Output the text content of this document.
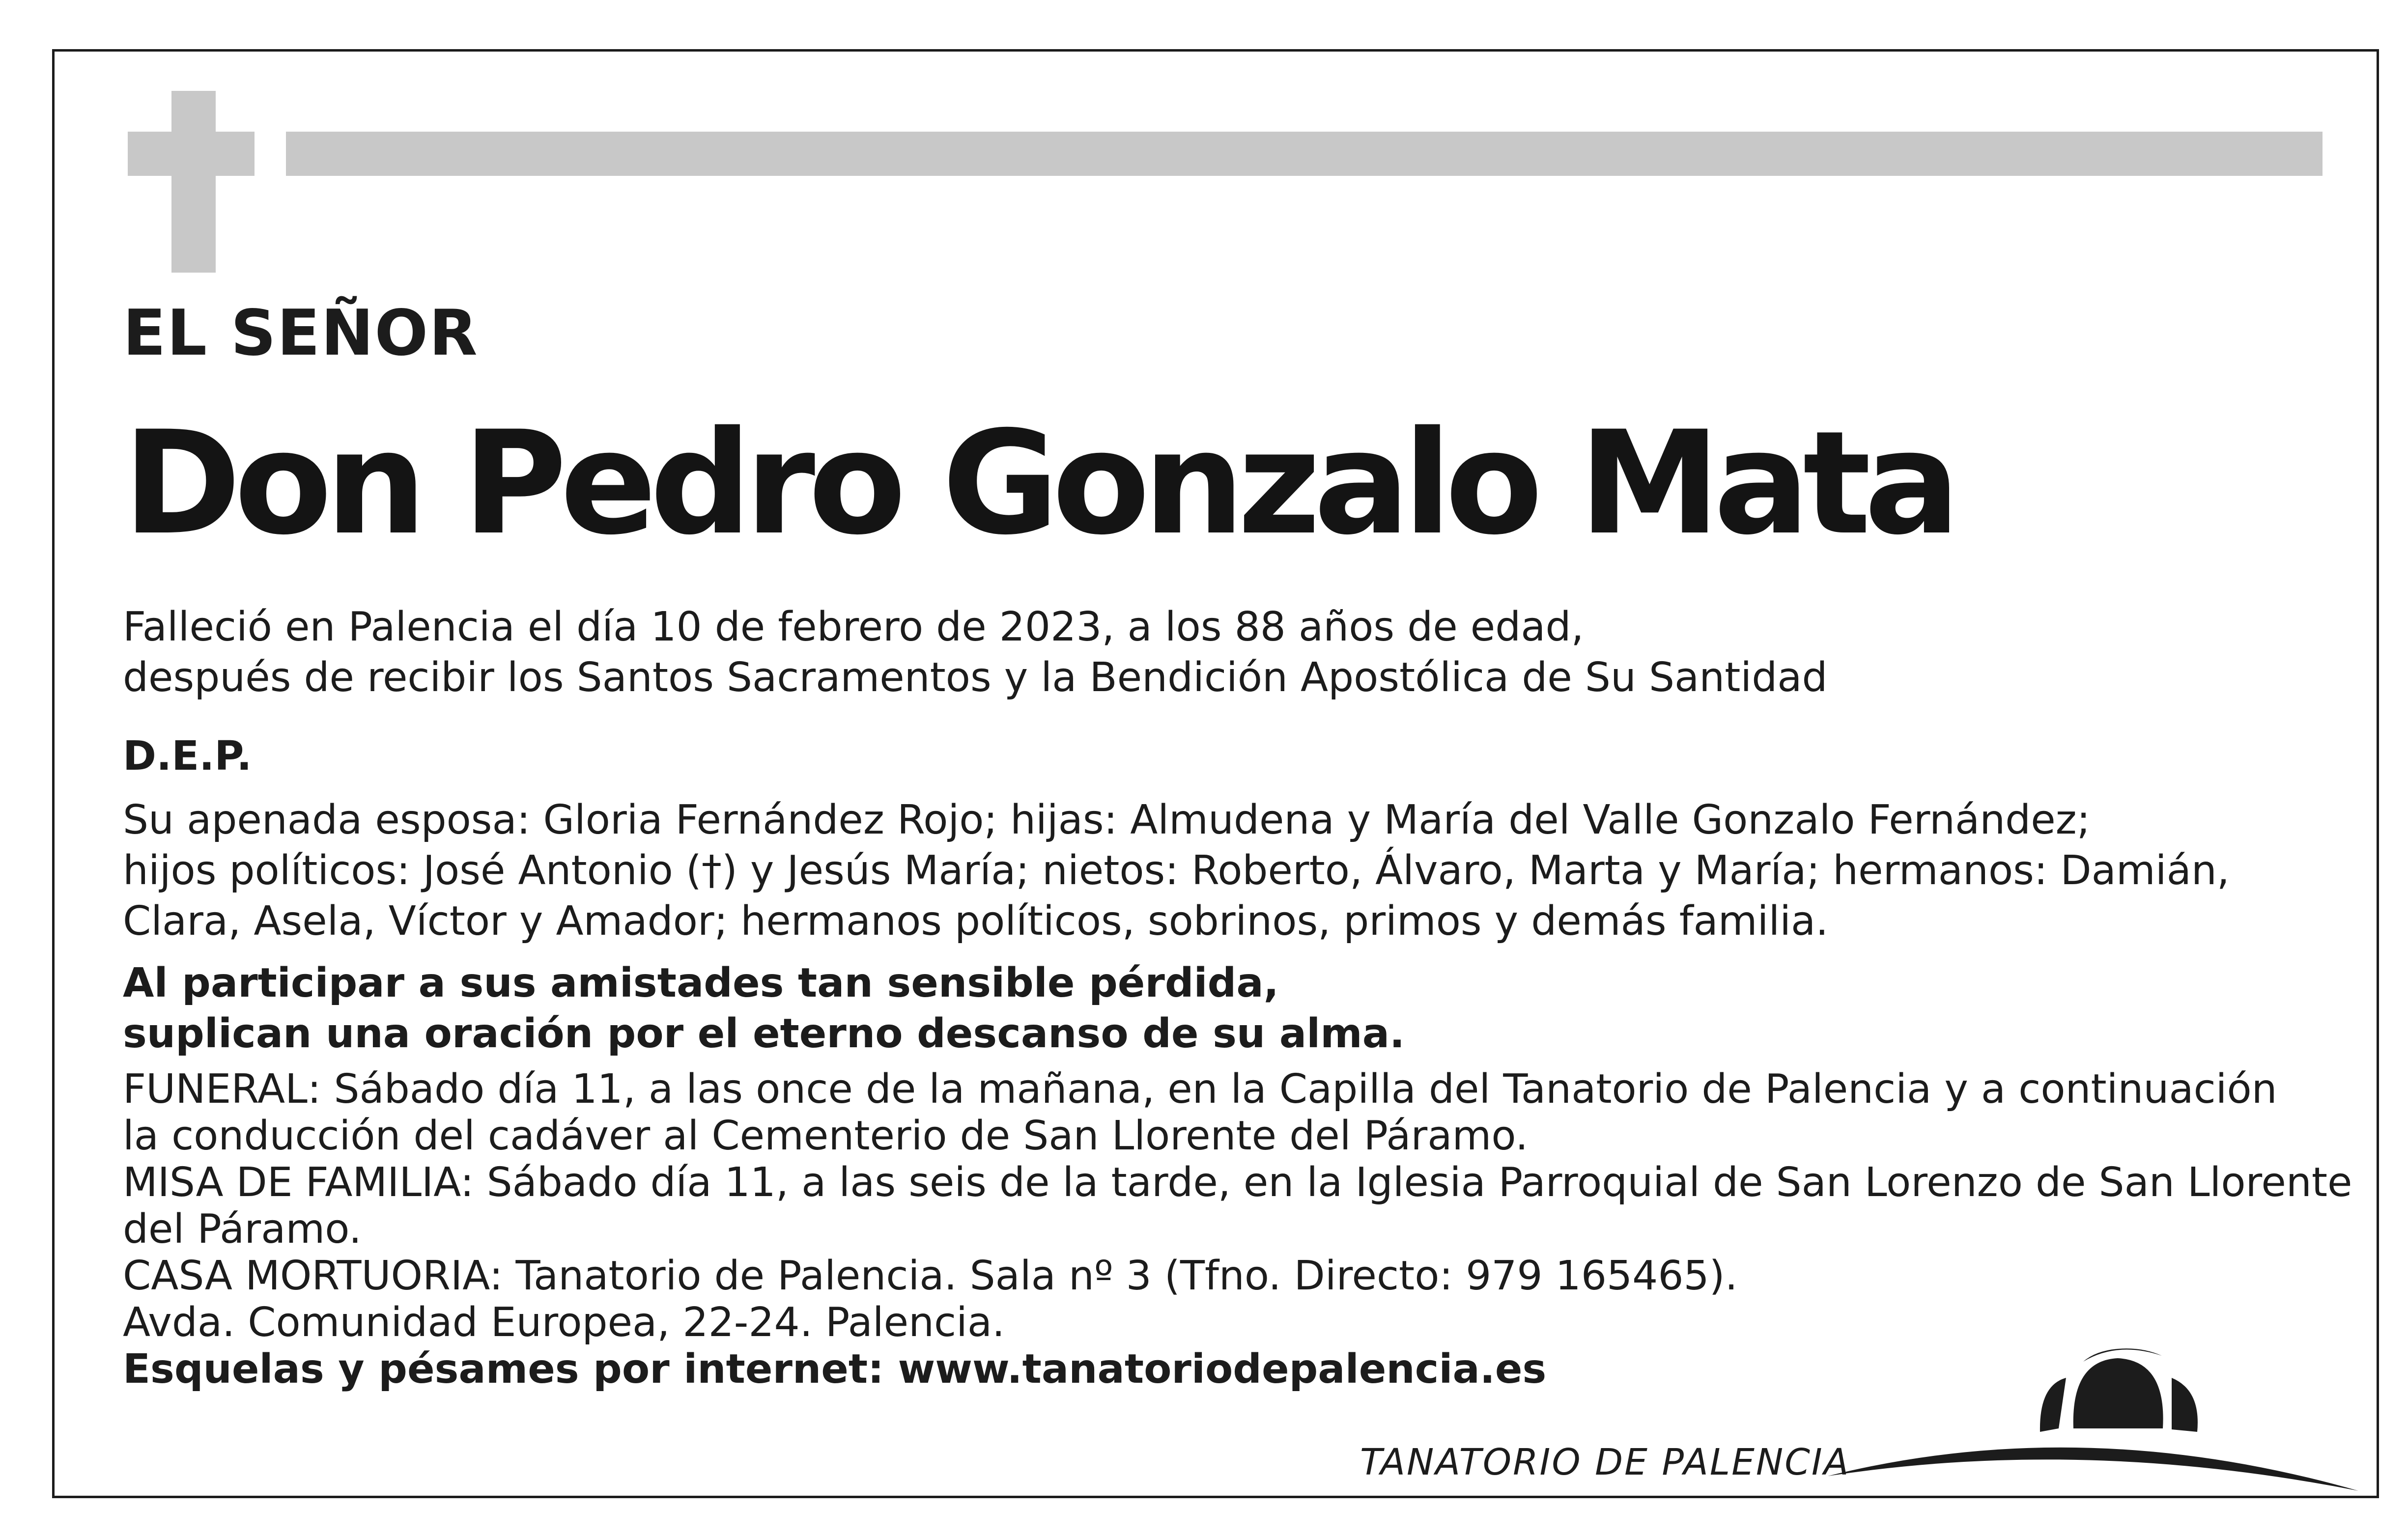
EL SEÑOR
Don Pedro Gonzalo Mata
Falleció en Palencia el día 10 de febrero de 2023, a los 88 años de edad,
después de recibir los Santos Sacramentos y la Bendición Apostólica de Su Santidad
D.E.P.
Su apenada esposa: Gloria Fernández Rojo; hijas: Almudena y María del Valle Gonzalo Fernández;
hijos políticos: José Antonio (†) y Jesús María; nietos: Roberto, Álvaro, Marta y María; hermanos: Damián,
Clara, Asela, Víctor y Amador; hermanos políticos, sobrinos, primos y demás familia.
Al participar a sus amistades tan sensible pérdida,
suplican una oración por el eterno descanso de su alma.
FUNERAL: Sábado día 11, a las once de la mañana, en la Capilla del Tanatorio de Palencia y a continuación
la conducción del cadáver al Cementerio de San Llorente del Páramo.
MISA DE FAMILIA: Sábado día 11, a las seis de la tarde, en la Iglesia Parroquial de San Lorenzo de San Llorente
del Páramo.
CASA MORTUORIA: Tanatorio de Palencia. Sala nº 3 (Tfno. Directo: 979 165465).
Avda. Comunidad Europea, 22-24. Palencia.
Esquelas y pésames por internet: www.tanatoriodepalencia.es
TANATORIO DE PALENCIA
